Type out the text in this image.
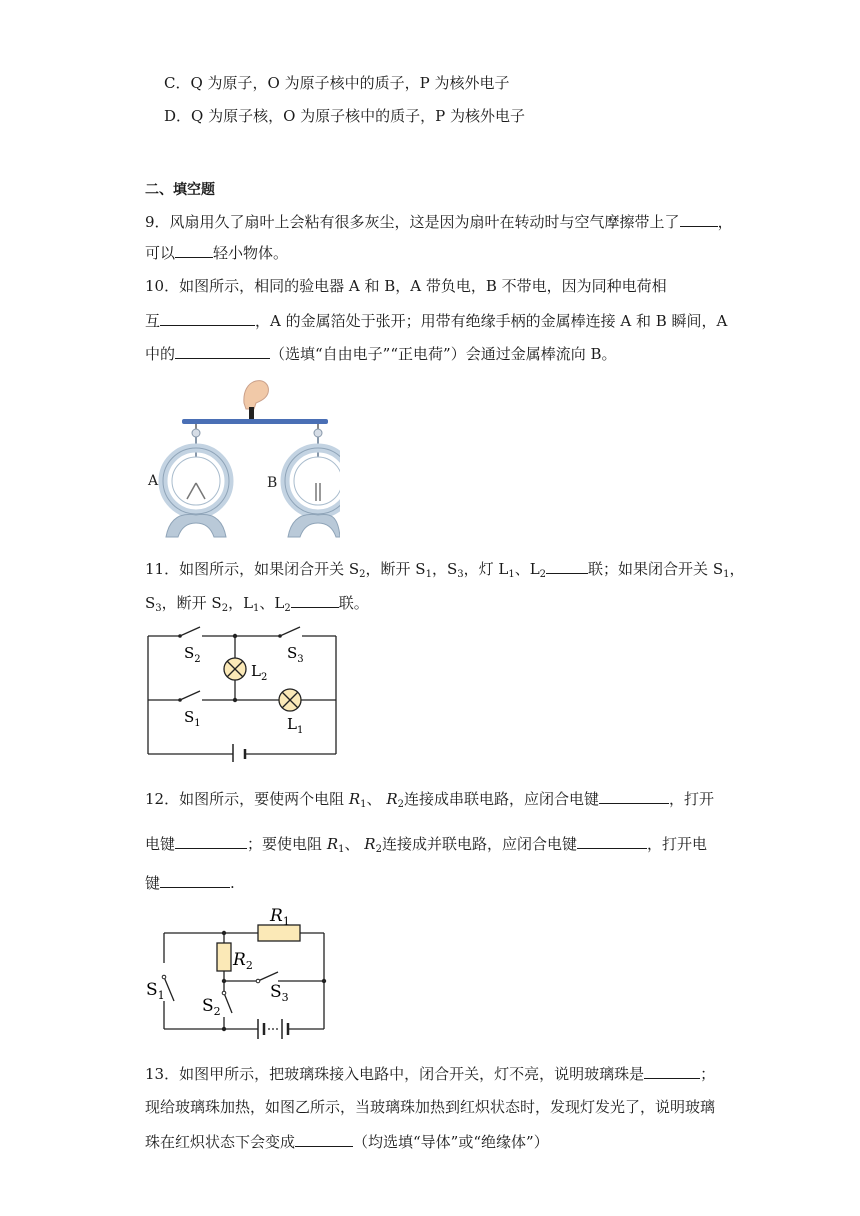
C．Q 为原子，O 为原子核中的质子，P 为核外电子
D．Q 为原子核，O 为原子核中的质子，P 为核外电子
二、填空题
9．风扇用久了扇叶上会粘有很多灰尘，这是因为扇叶在转动时与空气摩擦带上了	，
可以	轻小物体。
10．如图所示，相同的验电器 A 和 B，A 带负电，B 不带电，因为同种电荷相
互	，A 的金属箔处于张开；用带有绝缘手柄的金属棒连接 A 和 B 瞬间，A
中的	（选填“自由电子”“正电荷”）会通过金属棒流向 B。
A	B
11．如图所示，如果闭合开关 $S_2$，断开 $S_1$，$S_3$，灯 $L_1$、$L_2$	联；如果闭合开关 $S_1$，
$S_3$，断开 $S_2$，$L_1$、$L_2$	联。
$S_2$	$S_3$
$L_2$
$S_1$	$L_1$
12．如图所示，要使两个电阻 $R_1$、 $R_2$连接成串联电路，应闭合电键	，打开
电键	；要使电阻 $R_1$、 $R_2$连接成并联电路，应闭合电键	，打开电
键	.
$R_1$
$R_2$
$S_1$
$S_2$
$S_3$
13．如图甲所示，把玻璃珠接入电路中，闭合开关，灯不亮，说明玻璃珠是	；
现给玻璃珠加热，如图乙所示，当玻璃珠加热到红炽状态时，发现灯发光了，说明玻璃
珠在红炽状态下会变成	（均选填“导体”或“绝缘体”）
